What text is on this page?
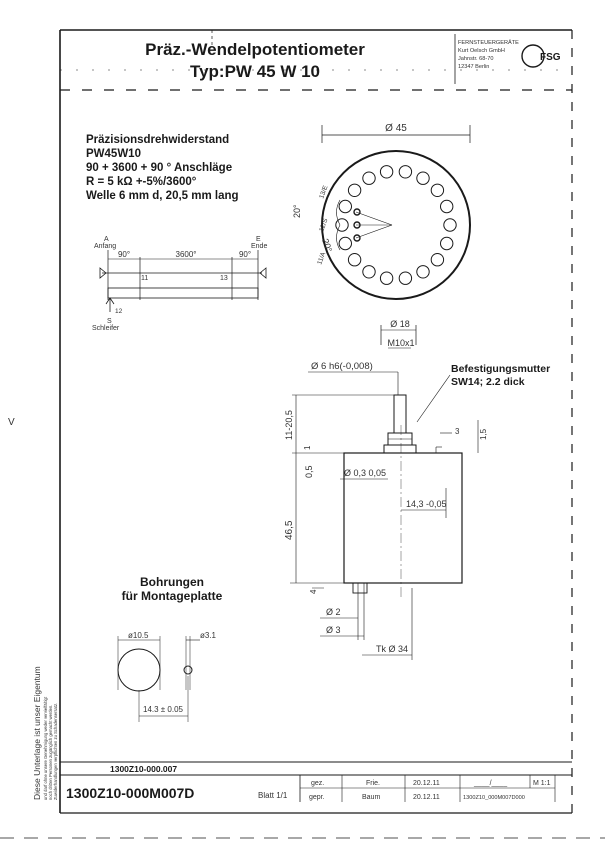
Präz.-Wendelpotentiometer
Typ:PW 45 W 10
FERNSTEUERGERÄTE
Kurt Oelsch GmbH
Jahnstr. 68-70
12347 Berlin
FSG
Präzisionsdrehwiderstand
PW45W10
90 + 3600 + 90 ° Anschläge
R = 5 kΩ +-5%/3600°
Welle 6 mm d, 20,5 mm lang
Ø 45
20°
20°
13/E
12/S
11/A
A
Anfang
E
Ende
90°	3600°	90°
11	13
12
S
Schleifer	Ø 18
M10x1
Ø 6 h6(-0,008)	Befestigungsmutter
SW14; 2.2 dick
11-20,5
1
0,5
46,5
3 1,5
Ø 0,3 0,05
14,3 -0,05
4
Ø 2
Ø 3
Tk Ø 34
Bohrungen
für Montageplatte
ø10.5	ø3.1
14.3 ± 0.05
Diese Unterlage ist unser Eigentum und darf ohne unsere Genehmigung weder vervielfältigt noch dritten Personen zugänglich gemacht werden. Zuwiderhandlungen verpflichten zu Schadensersatz.
V
1300Z10-000.007
1300Z10-000M007D	Blatt 1/1
gez.	Frie.	20.12.11	____/____	M 1:1
gepr.	Baum	20.12.11	1300Z10_000M007D000
